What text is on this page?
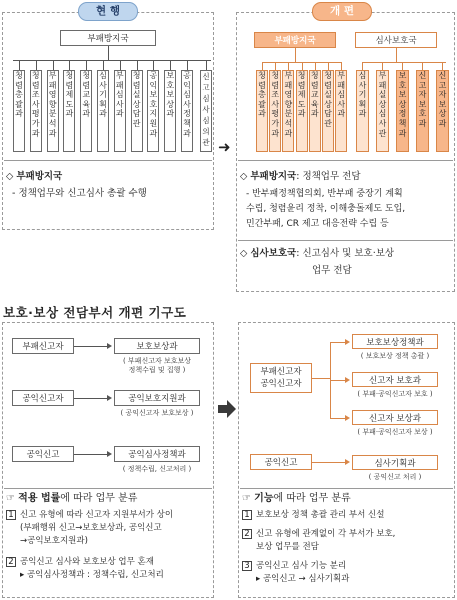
현 행
부패방지국
청렴총괄과
청렴조사평가과
부패영향분석과
청렴제도과
청렴교육과
심사기획과
부패심사과
청렴실상담관
공익보호지원과
보호보상과
공익심사정책과
신고심사심의관
◇ 부패방지국
- 정책업무와 신고심사 총괄 수행
➜
개 편
부패방지국	심사보호국
청렴총괄과
청렴조사평가과
부패영향분석과
청렴제도과
청렴교육과
청렴실상담관
부패심사과
심사기획과
부패실상심사관
보호보상정책과
신고자보호과
신고자보상과
◇ 부패방지국: 정책업무 전담
- 반부패정책협의회, 반부패 중장기 계획
수립, 청렴윤리 정착, 이해충돌제도 도입,
민간부패, CR 제고 대응전략 수립 등
◇ 심사보호국: 신고심사 및 보호·보상
업무 전담
보호·보상 전담부서 개편 기구도
부패신고자	보호보상과
( 부패신고자 보호보상
정책수립 및 집행 )
공익신고자	공익보호지원과
( 공익신고자 보호보상 )
공익신고	공익심사정책과
( 정책수립, 신고처리 )
☞ 적용 법률에 따라 업무 분류
1 신고 유형에 따라 신고자 지원부서가 상이
(부패행위 신고→보호보상과, 공익신고
→공익보호지원과)
2 공익신고 심사와 보호보상 업무 혼재
▸ 공익심사정책과 : 정책수립, 신고처리
부패신고자
공익신고자
보호보상정책과
( 보호보상 정책 총괄 )
신고자 보호과
( 부패·공익신고자 보호 )
신고자 보상과
( 부패·공익신고자 보상 )
공익신고	심사기획과
( 공익신고 처리 )
☞ 기능에 따라 업무 분류
1 보호보상 정책 총괄 관리 부서 신설
2 신고 유형에 관계없이 각 부서가 보호,
보상 업무를 전담
3 공익신고 심사 기능 분리
▸ 공익신고 → 심사기획과
